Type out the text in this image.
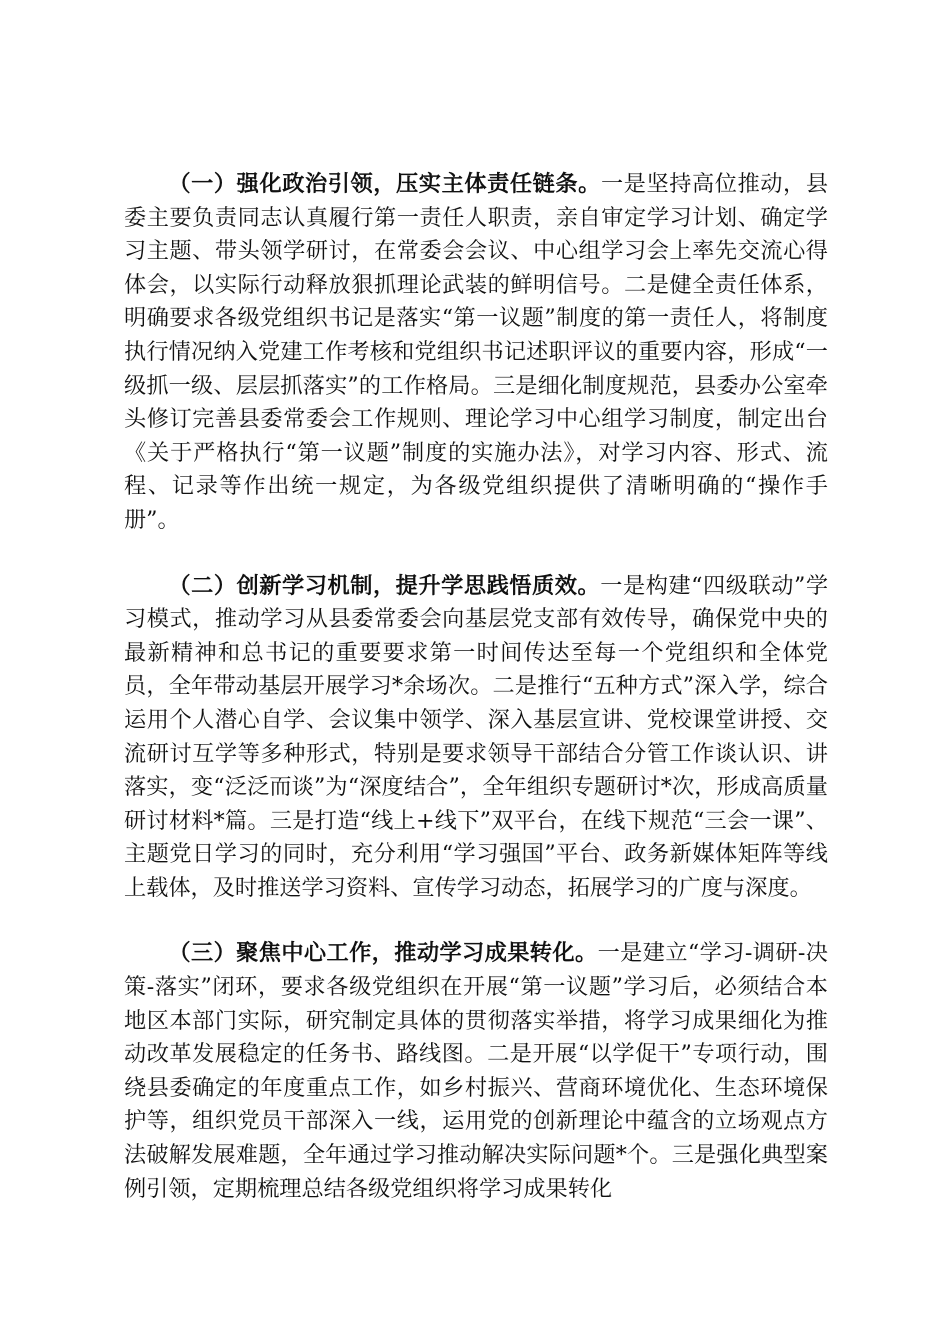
（一）强化政治引领，压实主体责任链条。一是坚持高位推动，县委主要负责同志认真履行第一责任人职责，亲自审定学习计划、确定学习主题、带头领学研讨，在常委会会议、中心组学习会上率先交流心得体会，以实际行动释放狠抓理论武装的鲜明信号。二是健全责任体系，明确要求各级党组织书记是落实“第一议题”制度的第一责任人，将制度执行情况纳入党建工作考核和党组织书记述职评议的重要内容，形成“一级抓一级、层层抓落实”的工作格局。三是细化制度规范，县委办公室牵头修订完善县委常委会工作规则、理论学习中心组学习制度，制定出台《关于严格执行“第一议题”制度的实施办法》，对学习内容、形式、流程、记录等作出统一规定，为各级党组织提供了清晰明确的“操作手册”。

（二）创新学习机制，提升学思践悟质效。一是构建“四级联动”学习模式，推动学习从县委常委会向基层党支部有效传导，确保党中央的最新精神和总书记的重要要求第一时间传达至每一个党组织和全体党员，全年带动基层开展学习*余场次。二是推行“五种方式”深入学，综合运用个人潜心自学、会议集中领学、深入基层宣讲、党校课堂讲授、交流研讨互学等多种形式，特别是要求领导干部结合分管工作谈认识、讲落实，变“泛泛而谈”为“深度结合”，全年组织专题研讨*次，形成高质量研讨材料*篇。三是打造“线上+线下”双平台，在线下规范“三会一课”、主题党日学习的同时，充分利用“学习强国”平台、政务新媒体矩阵等线上载体，及时推送学习资料、宣传学习动态，拓展学习的广度与深度。

（三）聚焦中心工作，推动学习成果转化。一是建立“学习-调研-决策-落实”闭环，要求各级党组织在开展“第一议题”学习后，必须结合本地区本部门实际，研究制定具体的贯彻落实举措，将学习成果细化为推动改革发展稳定的任务书、路线图。二是开展“以学促干”专项行动，围绕县委确定的年度重点工作，如乡村振兴、营商环境优化、生态环境保护等，组织党员干部深入一线，运用党的创新理论中蕴含的立场观点方法破解发展难题，全年通过学习推动解决实际问题*个。三是强化典型案例引领，定期梳理总结各级党组织将学习成果转化
